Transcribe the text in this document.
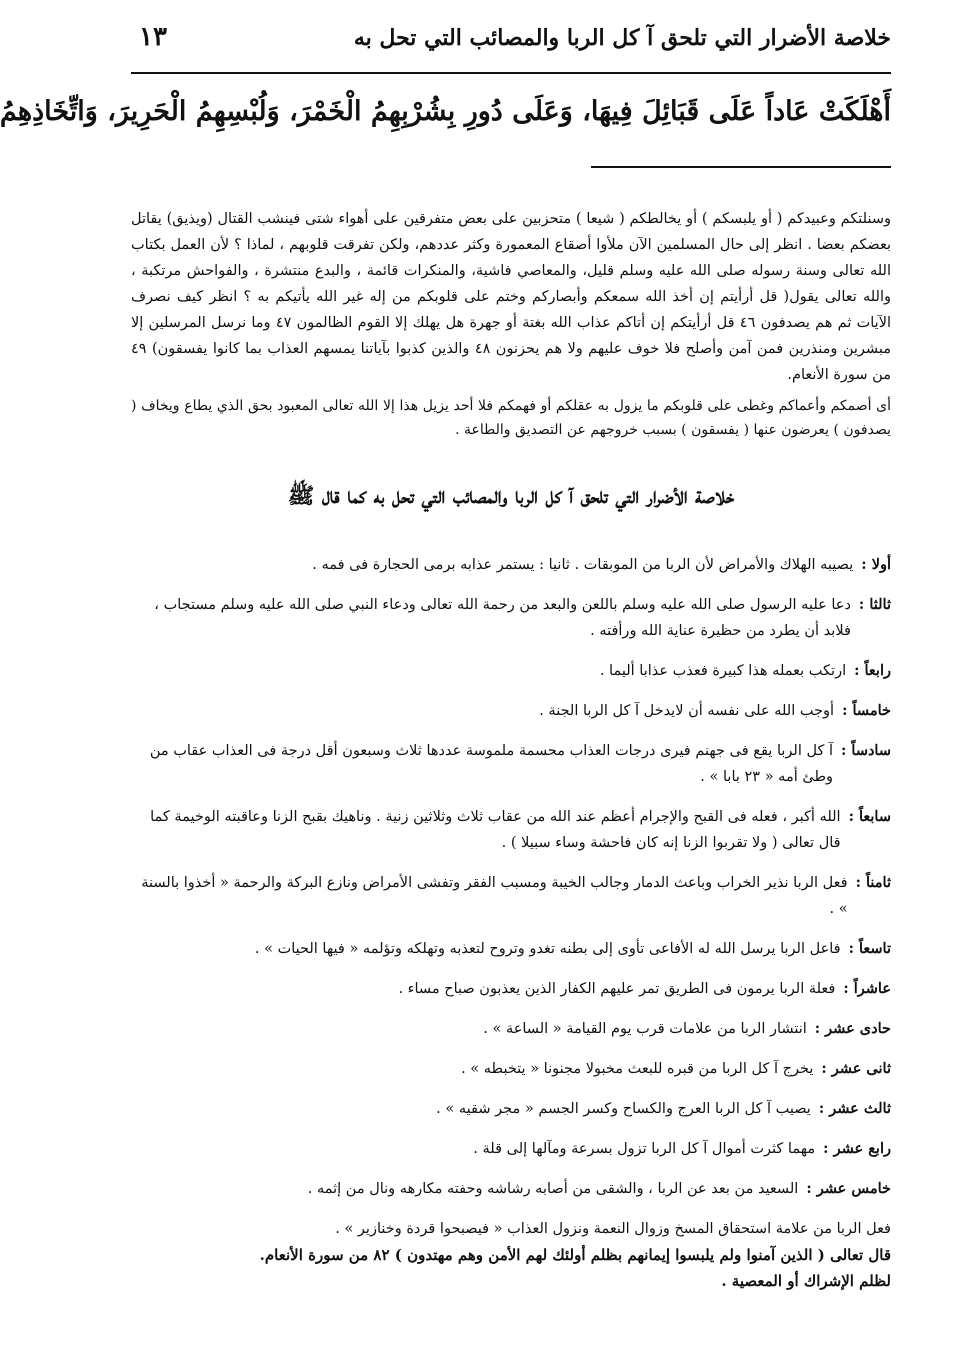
خلاصة الأضرار التي تلحق آ كل الربا والمصائب التي تحل به
١٣
أَهْلَكَتْ عَاداً عَلَى قَبَائِلَ فِيهَا، وَعَلَى دُورِ بِشُرْبِهِمُ الْخَمْرَ، وَلُبْسِهِمُ الْحَرِيرَ، وَاتِّخَاذِهِمُ

وسنلتكم وعبيدكم ( أو يلبسكم ) أو يخالطكم ( شيعا ) متحزبين على بعض متفرقين على أهواء شتى فينشب القتال (ويذيق) يقاتل بعضكم بعضا . انظر إلى حال المسلمين الآن ملأوا أصقاع المعمورة وكثر عددهم، ولكن تفرقت قلوبهم ، لماذا ؟ لأن العمل بكتاب الله تعالى وسنة رسوله صلى الله عليه وسلم قليل، والمعاصي فاشية، والمنكرات قائمة ، والبدع منتشرة ، والفواحش مرتكبة ، والله تعالى يقول( قل أرأيتم إن أخذ الله سمعكم وأبصاركم وختم على قلوبكم من إله غير الله يأتيكم به ؟ انظر كيف نصرف الآيات ثم هم يصدفون ٤٦ قل أرأيتكم إن أتاكم عذاب الله بغتة أو جهرة هل يهلك إلا القوم الظالمون ٤٧ وما نرسل المرسلين إلا مبشرين ومنذرين فمن آمن وأصلح فلا خوف عليهم ولا هم يحزنون ٤٨ والذين كذبوا بآياتنا يمسهم العذاب بما كانوا يفسقون) ٤٩ من سورة الأنعام.

أى أصمكم وأعماكم وغطى على قلوبكم ما يزول به عقلكم أو فهمكم فلا أحد يزيل هذا إلا الله تعالى المعبود بحق الذي يطاع ويخاف ( يصدفون ) يعرضون عنها ( يفسقون ) بسبب خروجهم عن التصديق والطاعة .

خلاصة الأضرار التي تلحق آ كل الربا والمصائب التي تحل به كما قال ﷺ
أولا :
يصيبه الهلاك والأمراض لأن الربا من الموبقات . ثانيا : يستمر عذابه برمى الحجارة فى فمه .
ثالثا :
دعا عليه الرسول صلى الله عليه وسلم باللعن والبعد من رحمة الله تعالى ودعاء النبي صلى الله عليه وسلم مستجاب ، فلابد أن يطرد من حظيرة عناية الله ورأفته .
رابعاً :
ارتكب بعمله هذا كبيرة فعذب عذابا أليما .
خامساً :
أوجب الله على نفسه أن لايدخل آ كل الربا الجنة .
سادساً :
آ كل الربا يقع فى جهنم فيرى درجات العذاب محسمة ملموسة عددها ثلاث وسبعون أقل درجة فى العذاب عقاب من وطئ أمه « ٢٣ بابا » .
سابعاً :
الله أكبر ، فعله فى القبح والإجرام أعظم عند الله من عقاب ثلاث وثلاثين زنية . وناهيك بقبح الزنا وعاقبته الوخيمة كما قال تعالى ( ولا تقربوا الزنا إنه كان فاحشة وساء سبيلا ) .
ثامناً :
فعل الربا نذير الخراب وباعث الدمار وجالب الخيبة ومسبب الفقر وتفشى الأمراض ونازع البركة والرحمة « أخذوا بالسنة » .
تاسعاً :
فاعل الربا يرسل الله له الأفاعى تأوى إلى بطنه تغدو وتروح لتعذبه وتهلكه وتؤلمه « فيها الحيات » .
عاشراً :
فعلة الربا يرمون فى الطريق تمر عليهم الكفار الذين يعذبون صباح مساء .
حادى عشر :
انتشار الربا من علامات قرب يوم القيامة « الساعة » .
ثانى عشر :
يخرج آ كل الربا من قبره للبعث مخبولا مجنونا « يتخبطه » .
ثالث عشر :
يصيب آ كل الربا العرج والكساح وكسر الجسم « مجر شقيه » .
رابع عشر :
مهما كثرت أموال آ كل الربا تزول بسرعة ومآلها إلى قلة .
خامس عشر :
السعيد من بعد عن الربا ، والشقى من أصابه رشاشه وحفته مكارهه ونال من إثمه .
فعل الربا من علامة استحقاق المسخ وزوال النعمة ونزول العذاب « فيصبحوا قردة وخنازير » .
قال تعالى ( الذين آمنوا ولم يلبسوا إيمانهم بظلم أولئك لهم الأمن وهم مهتدون ) ٨٢ من سورة الأنعام.
لظلم الإشراك أو المعصية .
